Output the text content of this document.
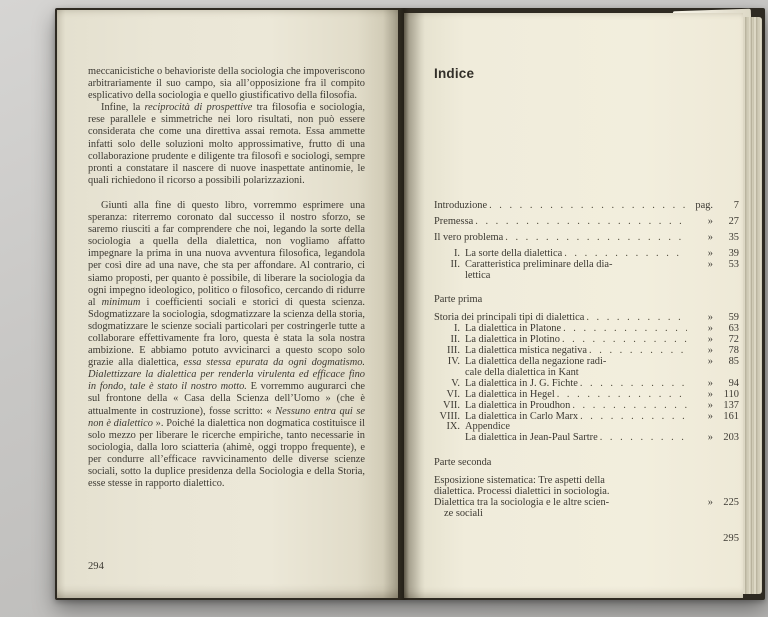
meccanicistiche o behavioriste della sociologia che impoveriscono arbitrariamente il suo campo, sia all’opposizione fra il compito esplicativo della sociologia e quello giustificativo della filosofia.

Infine, la reciprocità di prospettive tra filosofia e sociologia, rese parallele e simmetriche nei loro risultati, non può essere considerata che come una direttiva assai remota. Essa ammette infatti solo delle soluzioni molto approssimative, frutto di una collaborazione prudente e diligente tra filosofi e sociologi, sempre pronti a constatare il nascere di nuove inaspettate antinomie, le quali richiedono il ricorso a possibili polarizzazioni.

Giunti alla fine di questo libro, vorremmo esprimere una speranza: riterremo coronato dal successo il nostro sforzo, se saremo riusciti a far comprendere che noi, legando la sorte della sociologia a quella della dialettica, non vogliamo affatto impegnare la prima in una nuova avventura filosofica, legandola per così dire ad una nave, che sta per affondare. Al contrario, ci siamo proposti, per quanto è possibile, di liberare la sociologia da ogni impegno ideologico, politico o filosofico, cercando di ridurre al minimum i coefficienti sociali e storici di questa scienza. Sdogmatizzare la sociologia, sdogmatizzare la scienza della storia, sdogmatizzare le scienze sociali particolari per costringerle tutte a collaborare effettivamente fra loro, questa è stata la sola nostra ambizione. E abbiamo potuto avvicinarci a questo scopo solo grazie alla dialettica, essa stessa epurata da ogni dogmatismo. Dialettizzare la dialettica per renderla virulenta ed efficace fino in fondo, tale è stato il nostro motto. E vorremmo augurarci che sul frontone della « Casa della Scienza dell’Uomo » (che è attualmente in costruzione), fosse scritto: « Nessuno entra qui se non è dialettico ». Poiché la dialettica non dogmatica costituisce il solo mezzo per liberare le ricerche empiriche, tanto necessarie in sociologia, dalla loro sciatteria (ahimè, oggi troppo frequente), e per condurre all’efficace ravvicinamento delle diverse scienze sociali, sotto la duplice presidenza della Sociologia e della Storia, esse stesse in rapporto dialettico.

294
Indice
Introduzione . . .	pag.	7
Premessa . . .	»	27
Il vero problema . . .	»	35
I. La sorte della dialettica . . .	»	39
II. Caratteristica preliminare della dia-	»	53
lettica
Parte prima
Storia dei principali tipi di dialettica . . .	»	59
I. La dialettica in Platone . . .	»	63
II. La dialettica in Plotino . . .	»	72
III. La dialettica mistica negativa . . .	»	78
IV. La dialettica della negazione radi-	»	85
cale della dialettica in Kant
V. La dialettica in J. G. Fichte . . .	»	94
VI. La dialettica in Hegel . . .	»	110
VII. La dialettica in Proudhon . . .	»	137
VIII. La dialettica in Carlo Marx . . .	»	161
IX. Appendice
La dialettica in Jean-Paul Sartre . . .	»	203
Parte seconda
Esposizione sistematica: Tre aspetti della
dialettica. Processi dialettici in sociologia.
Dialettica tra la sociologia e le altre scien-	»	225
ze sociali
295
